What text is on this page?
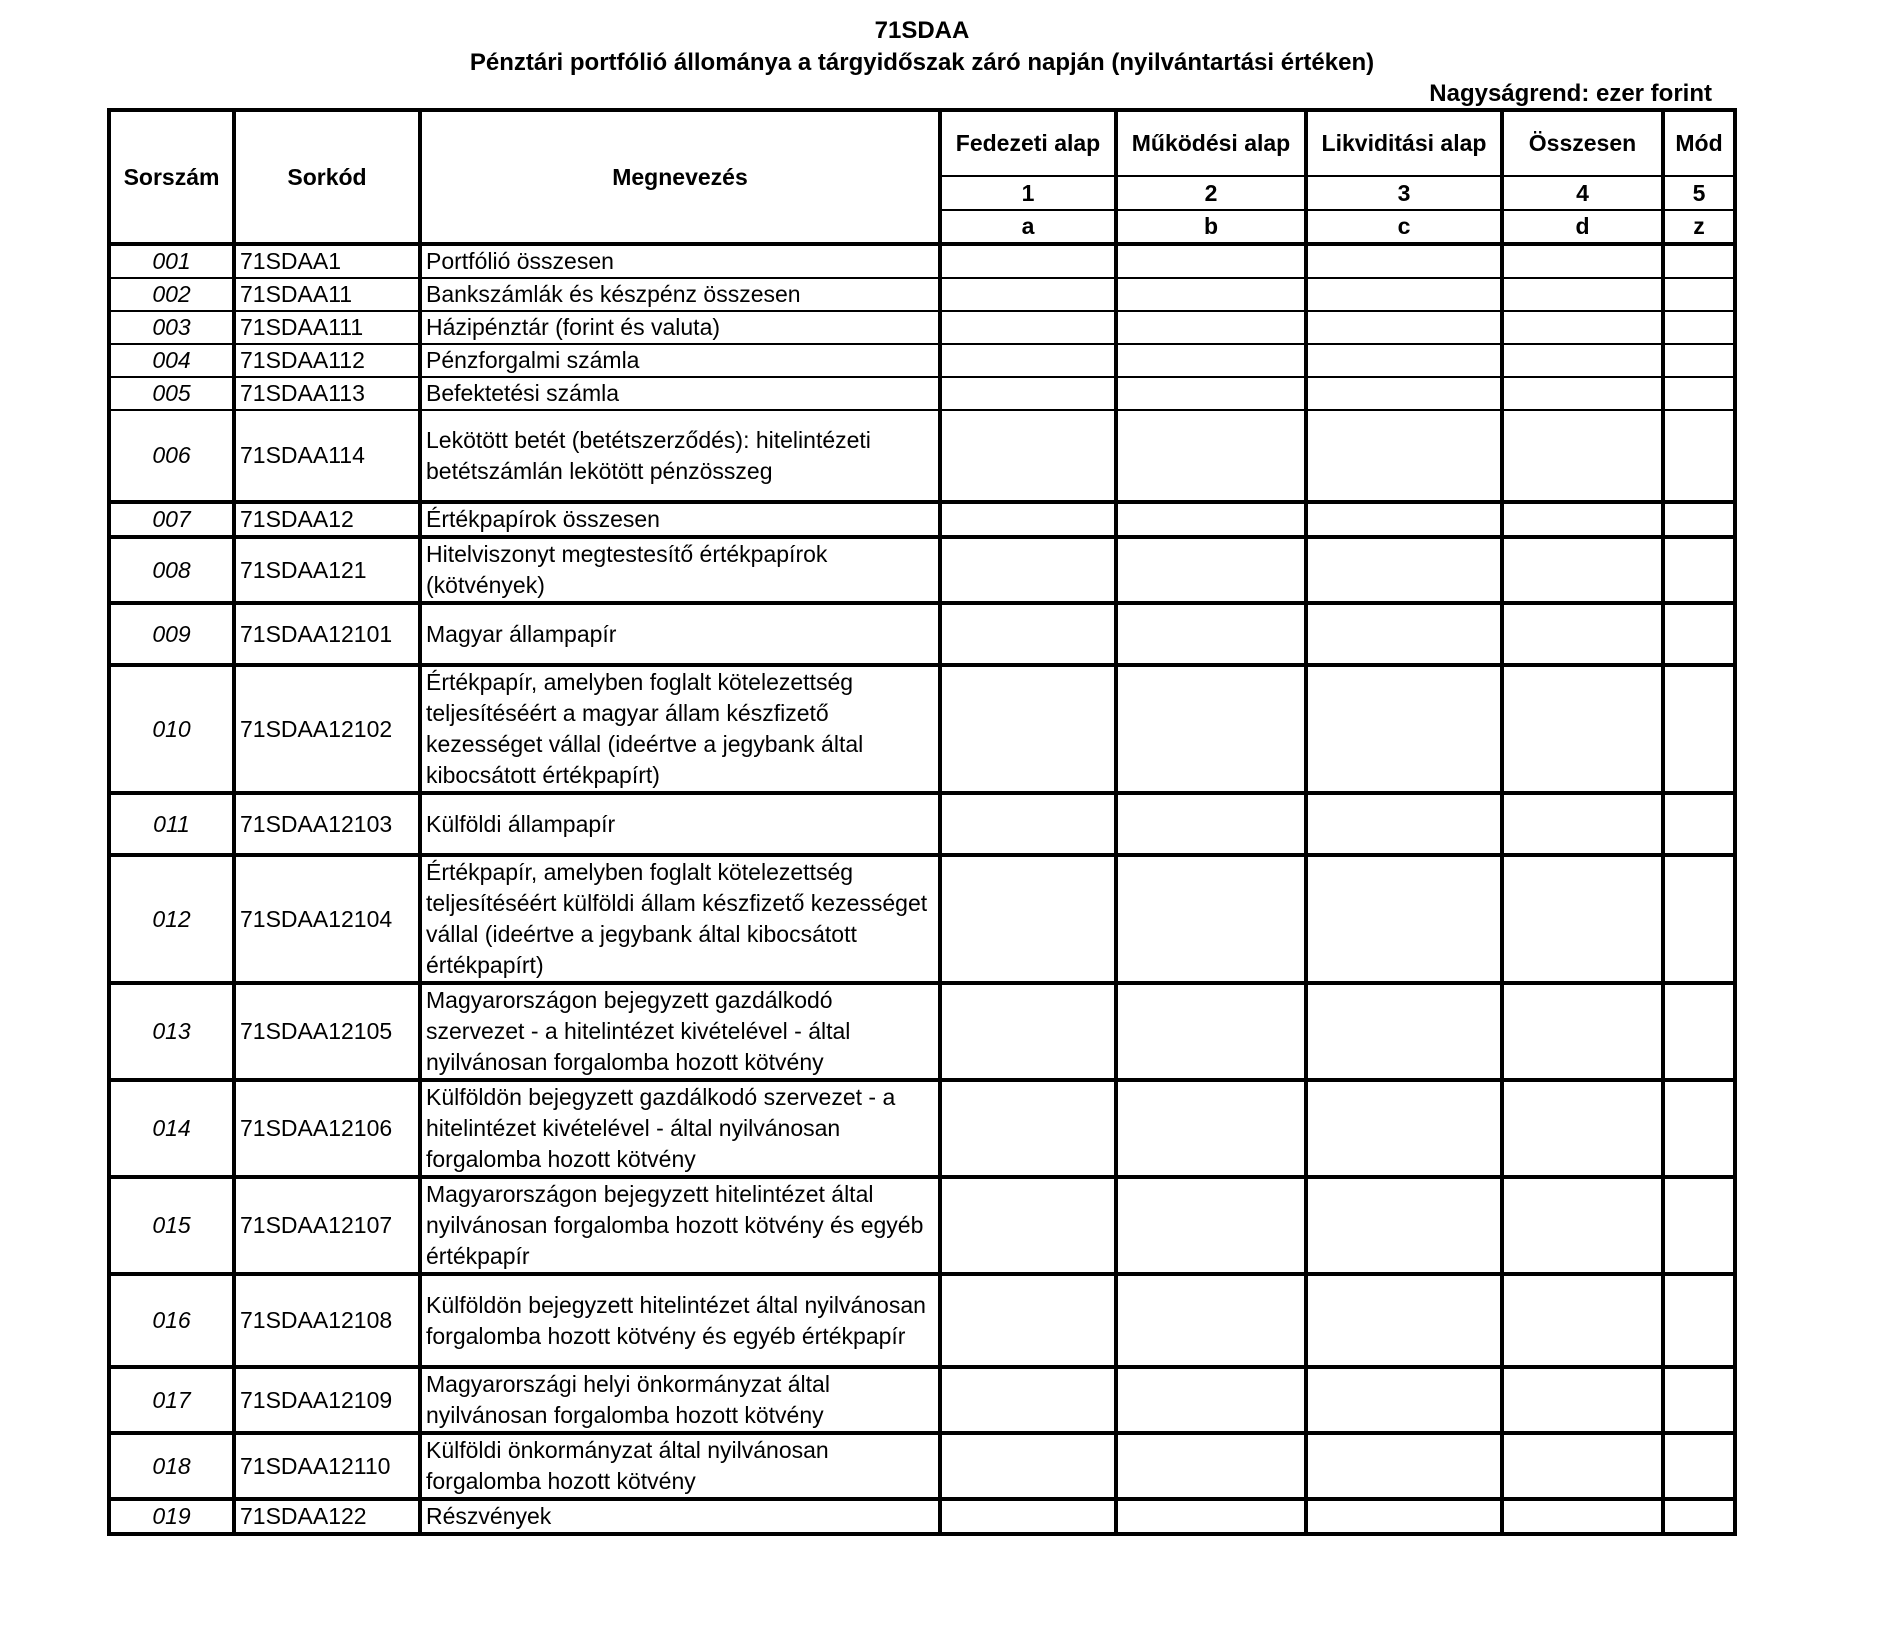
71SDAA
Pénztári portfólió állománya a tárgyidőszak záró napján (nyilvántartási értéken)
Nagyságrend: ezer forint
Sorszám	Sorkód	Megnevezés	Fedezeti alap	Működési alap	Likviditási alap	Összesen	Mód
			1	2	3	4	5
			a	b	c	d	z
001	71SDAA1	Portfólió összesen					
002	71SDAA11	Bankszámlák és készpénz összesen					
003	71SDAA111	Házipénztár (forint és valuta)					
004	71SDAA112	Pénzforgalmi számla					
005	71SDAA113	Befektetési számla					
006	71SDAA114	Lekötött betét (betétszerződés): hitelintézeti betétszámlán lekötött pénzösszeg					
007	71SDAA12	Értékpapírok összesen					
008	71SDAA121	Hitelviszonyt megtestesítő értékpapírok (kötvények)					
009	71SDAA12101	Magyar állampapír					
010	71SDAA12102	Értékpapír, amelyben foglalt kötelezettség teljesítéséért a magyar állam készfizető kezességet vállal (ideértve a jegybank által kibocsátott értékpapírt)					
011	71SDAA12103	Külföldi állampapír					
012	71SDAA12104	Értékpapír, amelyben foglalt kötelezettség teljesítéséért külföldi állam készfizető kezességet vállal (ideértve a jegybank által kibocsátott értékpapírt)					
013	71SDAA12105	Magyarországon bejegyzett gazdálkodó szervezet - a hitelintézet kivételével - által nyilvánosan forgalomba hozott kötvény					
014	71SDAA12106	Külföldön bejegyzett gazdálkodó szervezet - a hitelintézet kivételével - által nyilvánosan forgalomba hozott kötvény					
015	71SDAA12107	Magyarországon bejegyzett hitelintézet által nyilvánosan forgalomba hozott kötvény és egyéb értékpapír					
016	71SDAA12108	Külföldön bejegyzett hitelintézet által nyilvánosan forgalomba hozott kötvény és egyéb értékpapír					
017	71SDAA12109	Magyarországi helyi önkormányzat által nyilvánosan forgalomba hozott kötvény					
018	71SDAA12110	Külföldi önkormányzat által nyilvánosan forgalomba hozott kötvény					
019	71SDAA122	Részvények					
